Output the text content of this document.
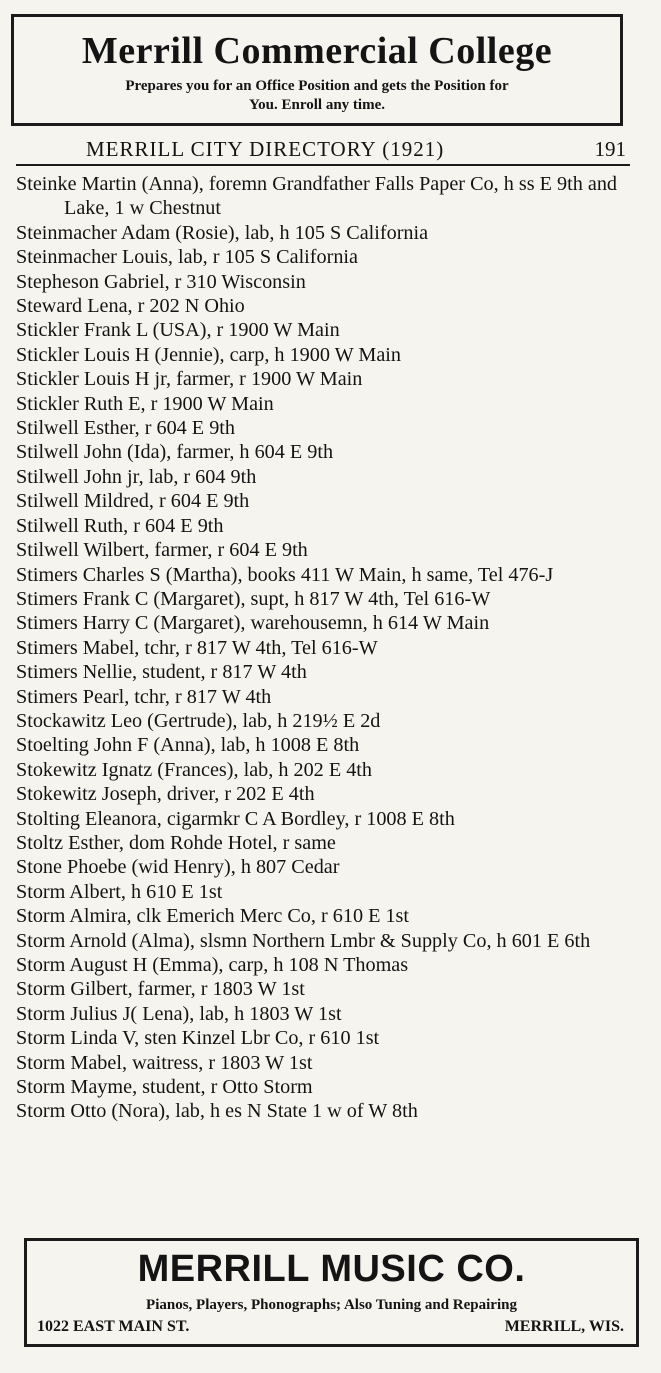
Merrill Commercial College
Prepares you for an Office Position and gets the Position for
You. Enroll any time.
MERRILL CITY DIRECTORY (1921)	191
Steinke Martin (Anna), foremn Grandfather Falls Paper Co, h ss E 9th and Lake, 1 w Chestnut
Steinmacher Adam (Rosie), lab, h 105 S California
Steinmacher Louis, lab, r 105 S California
Stepheson Gabriel, r 310 Wisconsin
Steward Lena, r 202 N Ohio
Stickler Frank L (USA), r 1900 W Main
Stickler Louis H (Jennie), carp, h 1900 W Main
Stickler Louis H jr, farmer, r 1900 W Main
Stickler Ruth E, r 1900 W Main
Stilwell Esther, r 604 E 9th
Stilwell John (Ida), farmer, h 604 E 9th
Stilwell John jr, lab, r 604 9th
Stilwell Mildred, r 604 E 9th
Stilwell Ruth, r 604 E 9th
Stilwell Wilbert, farmer, r 604 E 9th
Stimers Charles S (Martha), books 411 W Main, h same, Tel 476-J
Stimers Frank C (Margaret), supt, h 817 W 4th, Tel 616-W
Stimers Harry C (Margaret), warehousemn, h 614 W Main
Stimers Mabel, tchr, r 817 W 4th, Tel 616-W
Stimers Nellie, student, r 817 W 4th
Stimers Pearl, tchr, r 817 W 4th
Stockawitz Leo (Gertrude), lab, h 219½ E 2d
Stoelting John F (Anna), lab, h 1008 E 8th
Stokewitz Ignatz (Frances), lab, h 202 E 4th
Stokewitz Joseph, driver, r 202 E 4th
Stolting Eleanora, cigarmkr C A Bordley, r 1008 E 8th
Stoltz Esther, dom Rohde Hotel, r same
Stone Phoebe (wid Henry), h 807 Cedar
Storm Albert, h 610 E 1st
Storm Almira, clk Emerich Merc Co, r 610 E 1st
Storm Arnold (Alma), slsmn Northern Lmbr & Supply Co, h 601 E 6th
Storm August H (Emma), carp, h 108 N Thomas
Storm Gilbert, farmer, r 1803 W 1st
Storm Julius J( Lena), lab, h 1803 W 1st
Storm Linda V, sten Kinzel Lbr Co, r 610 1st
Storm Mabel, waitress, r 1803 W 1st
Storm Mayme, student, r Otto Storm
Storm Otto (Nora), lab, h es N State 1 w of W 8th
MERRILL MUSIC CO.
Pianos, Players, Phonographs; Also Tuning and Repairing
1022 EAST MAIN ST.	MERRILL, WIS.
